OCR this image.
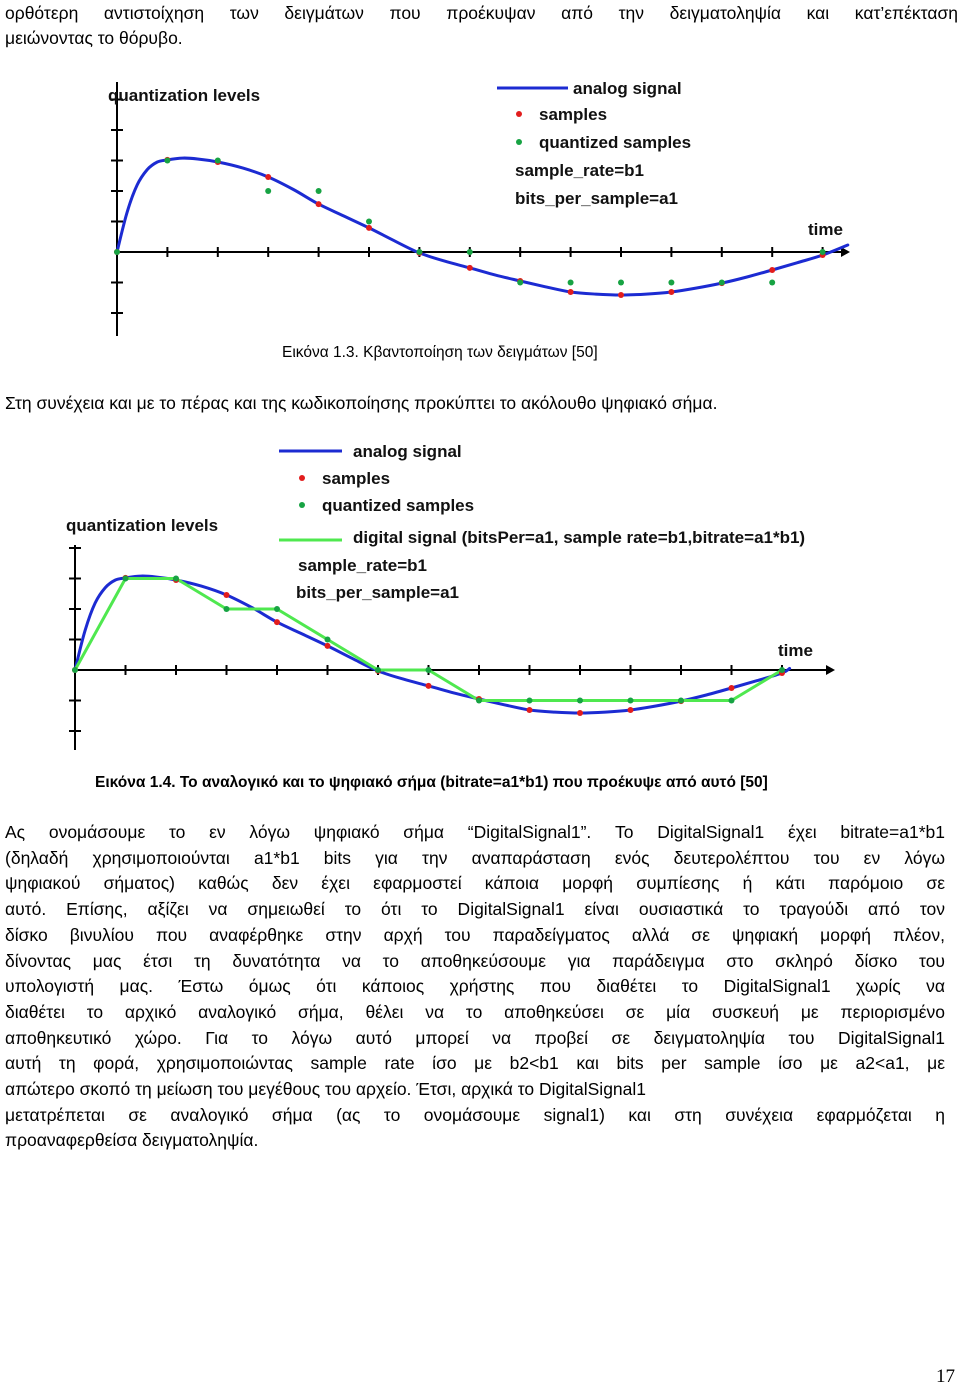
ορθότερη αντιστοίχηση των δειγμάτων που προέκυψαν από την δειγματοληψία και κατ’επέκταση
μειώνοντας το θόρυβο.
quantization levels
time
analog signal
samples
quantized samples
sample_rate=b1
bits_per_sample=a1
Εικόνα 1.3. Κβαντοποίηση των δειγμάτων [50]
Στη συνέχεια και με το πέρας και της κωδικοποίησης προκύπτει το ακόλουθο ψηφιακό σήμα.
quantization levels
time
analog signal
samples
quantized samples
digital signal (bitsPer=a1, sample rate=b1,bitrate=a1*b1)
sample_rate=b1
bits_per_sample=a1
Εικόνα 1.4. Το αναλογικό και το ψηφιακό σήμα (bitrate=a1*b1) που προέκυψε από αυτό [50]
Ας ονομάσουμε το εν λόγω ψηφιακό σήμα “DigitalSignal1”. Το DigitalSignal1 έχει bitrate=a1*b1
(δηλαδή χρησιμοποιούνται a1*b1 bits για την αναπαράσταση ενός δευτερολέπτου του εν λόγω
ψηφιακού σήματος) καθώς δεν έχει εφαρμοστεί κάποια μορφή συμπίεσης ή κάτι παρόμοιο σε
αυτό. Επίσης, αξίζει να σημειωθεί το ότι το DigitalSignal1 είναι ουσιαστικά το τραγούδι από τον
δίσκο βινυλίου που αναφέρθηκε στην αρχή του παραδείγματος αλλά σε ψηφιακή μορφή πλέον,
δίνοντας μας έτσι τη δυνατότητα να το αποθηκεύσουμε για παράδειγμα στο σκληρό δίσκο του
υπολογιστή μας. Έστω όμως ότι κάποιος χρήστης που διαθέτει το DigitalSignal1 χωρίς να
διαθέτει το αρχικό αναλογικό σήμα, θέλει να το αποθηκεύσει σε μία συσκευή με περιορισμένο
αποθηκευτικό χώρο. Για το λόγω αυτό μπορεί να προβεί σε δειγματοληψία του DigitalSignal1
αυτή τη φορά, χρησιμοποιώντας sample rate ίσο με b2<b1 και bits per sample ίσο με a2<a1, με
απώτερο σκοπό τη μείωση του μεγέθους του αρχείο. Έτσι, αρχικά το DigitalSignal1
μετατρέπεται σε αναλογικό σήμα (ας το ονομάσουμε signal1) και στη συνέχεια εφαρμόζεται η
προαναφερθείσα δειγματοληψία.
17
